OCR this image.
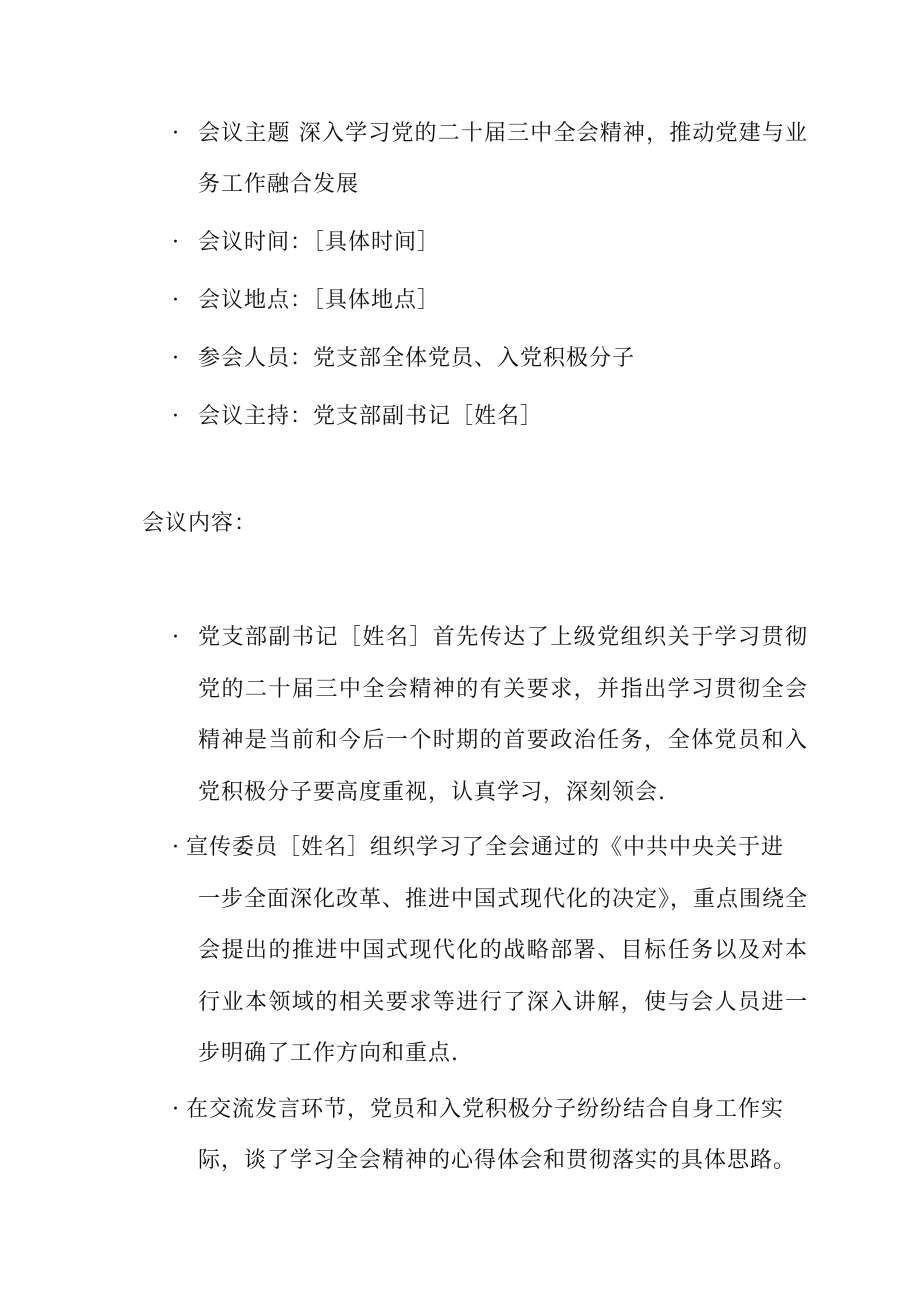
· 会议主题 深入学习党的二十届三中全会精神，推动党建与业务工作融合发展
· 会议时间：［具体时间］
· 会议地点：［具体地点］
· 参会人员：党支部全体党员、入党积极分子
· 会议主持：党支部副书记［姓名］
会议内容：
· 党支部副书记［姓名］首先传达了上级党组织关于学习贯彻党的二十届三中全会精神的有关要求，并指出学习贯彻全会精神是当前和今后一个时期的首要政治任务，全体党员和入党积极分子要高度重视，认真学习，深刻领会.
· 宣传委员［姓名］组织学习了全会通过的《中共中央关于进
一步全面深化改革、推进中国式现代化的决定》，重点围绕全会提出的推进中国式现代化的战略部署、目标任务以及对本行业本领域的相关要求等进行了深入讲解，使与会人员进一步明确了工作方向和重点.
· 在交流发言环节，党员和入党积极分子纷纷结合自身工作实
际，谈了学习全会精神的心得体会和贯彻落实的具体思路。
